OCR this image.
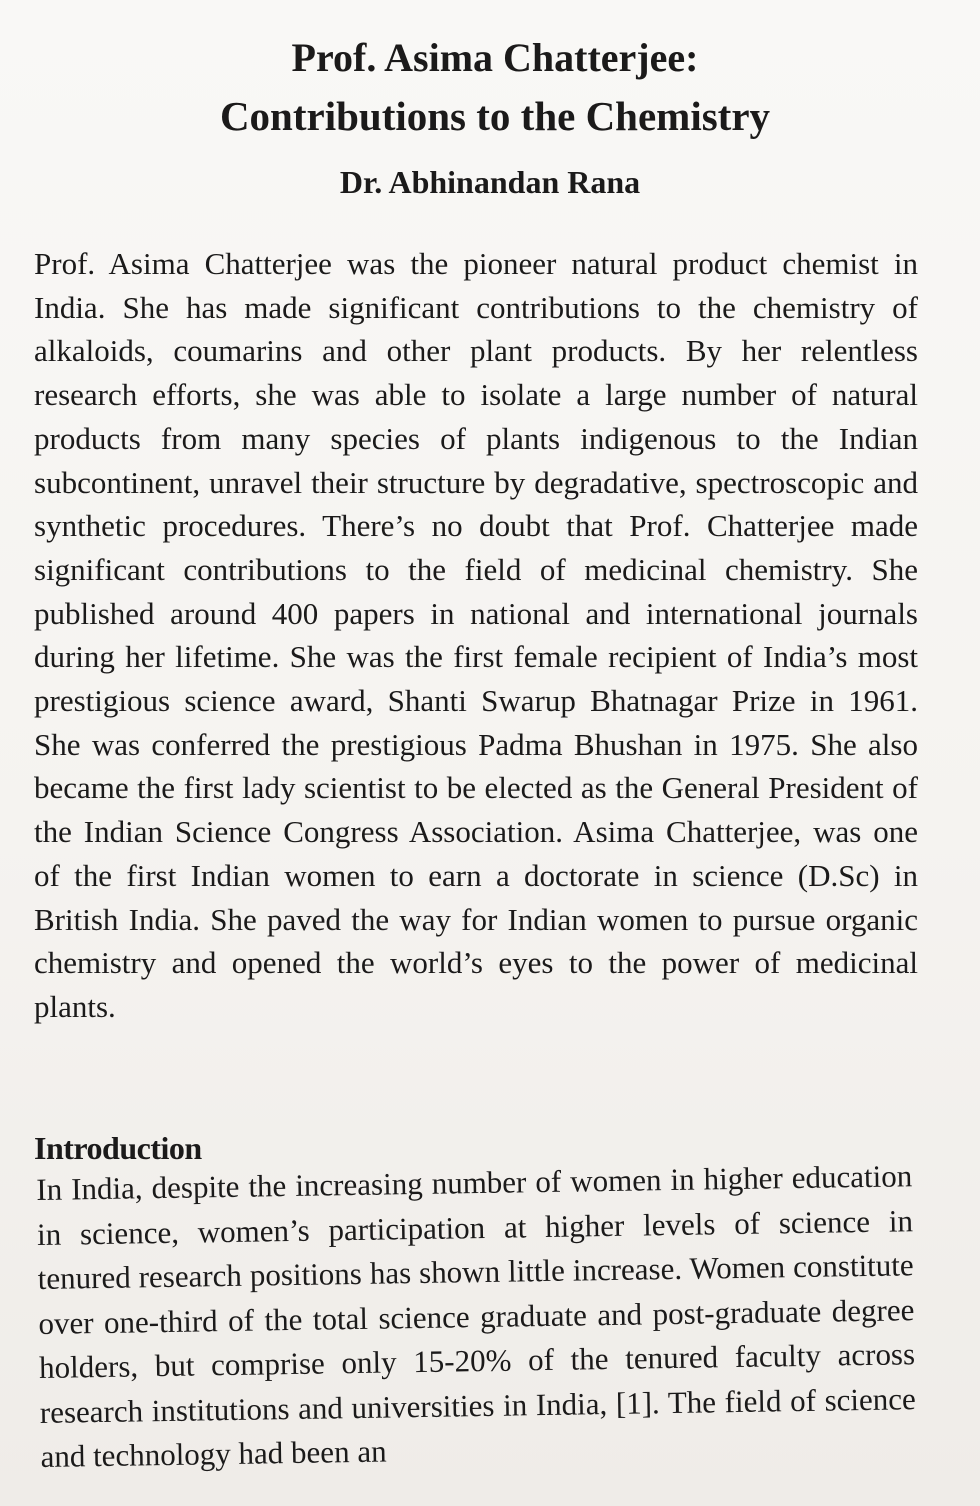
Prof. Asima Chatterjee:
Contributions to the Chemistry
Dr. Abhinandan Rana

Prof. Asima Chatterjee was the pioneer natural product chemist in India. She has made significant contributions to the chemistry of alkaloids, coumarins and other plant products. By her relentless research efforts, she was able to isolate a large number of natural products from many species of plants indigenous to the Indian subcontinent, unravel their structure by degradative, spectroscopic and synthetic procedures. There’s no doubt that Prof. Chatterjee made significant contributions to the field of medicinal chemistry. She published around 400 papers in national and international journals during her lifetime. She was the first female recipient of India’s most prestigious science award, Shanti Swarup Bhatnagar Prize in 1961. She was conferred the prestigious Padma Bhushan in 1975. She also became the first lady scientist to be elected as the General President of the Indian Science Congress Association. Asima Chatterjee, was one of the first Indian women to earn a doctorate in science (D.Sc) in British India. She paved the way for Indian women to pursue organic chemistry and opened the world’s eyes to the power of medicinal plants.

Introduction

In India, despite the increasing number of women in higher education in science, women’s participation at higher levels of science in tenured research positions has shown little increase. Women constitute over one-third of the total science graduate and post-graduate degree holders, but comprise only 15-20% of the tenured faculty across research institutions and universities in India, [1]. The field of science and technology had been an
